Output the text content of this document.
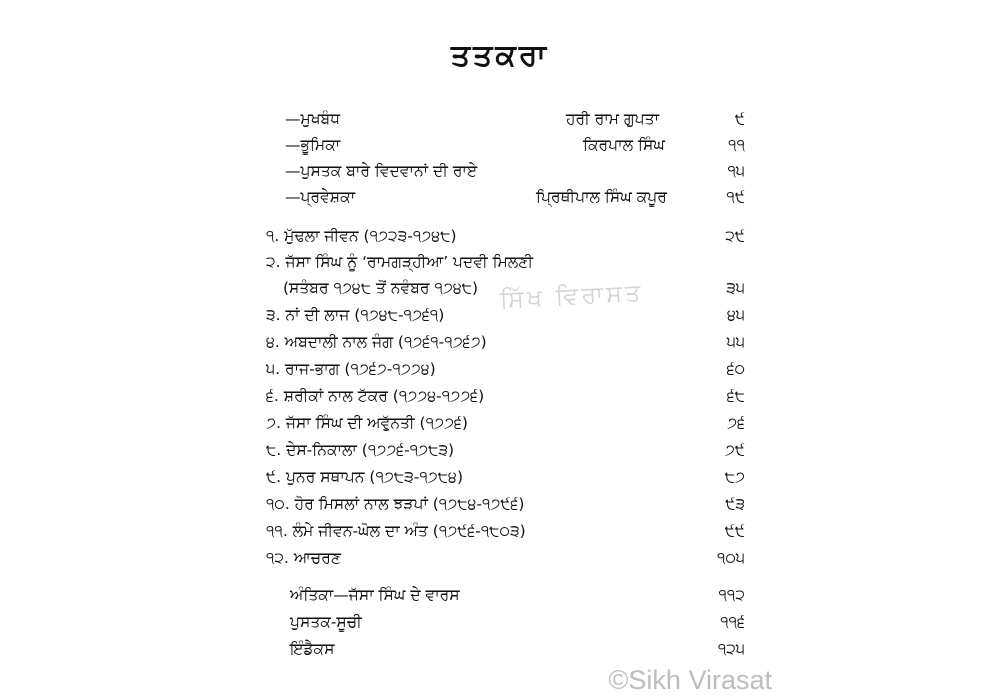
ਤਤਕਰਾ
—ਮੁਖਬੰਧ	ਹਰੀ ਰਾਮ ਗੁਪਤਾ	੯
—ਭੂਮਿਕਾ	ਕਿਰਪਾਲ ਸਿੰਘ	੧੧
—ਪੁਸਤਕ ਬਾਰੇ ਵਿਦਵਾਨਾਂ ਦੀ ਰਾਏ	੧੫
—ਪ੍ਰਵੇਸ਼ਕਾ	ਪ੍ਰਿਥੀਪਾਲ ਸਿੰਘ ਕਪੂਰ	੧੯
੧. ਮੁੱਢਲਾ ਜੀਵਨ (੧੭੨੩-੧੭੪੮)	੨੯
੨. ਜੱਸਾ ਸਿੰਘ ਨੂੰ ‘ਰਾਮਗੜ੍ਹੀਆ’ ਪਦਵੀ ਮਿਲਣੀ
(ਸਤੰਬਰ ੧੭੪੮ ਤੋਂ ਨਵੰਬਰ ੧੭੪੮)	੩੫
੩. ਨਾਂ ਦੀ ਲਾਜ (੧੭੪੮-੧੭੬੧)	੪੫
੪. ਅਬਦਾਲੀ ਨਾਲ ਜੰਗ (੧੭੬੧-੧੭੬੭)	੫੫
੫. ਰਾਜ-ਭਾਗ (੧੭੬੭-੧੭੭੪)	੬੦
੬. ਸ਼ਰੀਕਾਂ ਨਾਲ ਟੱਕਰ (੧੭੭੪-੧੭੭੬)	੬੮
੭. ਜੱਸਾ ਸਿੰਘ ਦੀ ਅਵੁੱਨਤੀ (੧੭੭੬)	੭੬
੮. ਦੇਸ-ਨਿਕਾਲਾ (੧੭੭੬-੧੭੮੩)	੭੯
੯. ਪੁਨਰ ਸਥਾਪਨ (੧੭੮੩-੧੭੮੪)	੮੭
੧੦. ਹੋਰ ਮਿਸਲਾਂ ਨਾਲ ਝੜਪਾਂ (੧੭੮੪-੧੭੯੬)	੯੩
੧੧. ਲੰਮੇ ਜੀਵਨ-ਘੋਲ ਦਾ ਅੰਤ (੧੭੯੬-੧੮੦੩)	੯੯
੧੨. ਆਚਰਣ	੧੦੫
ਅੰਤਿਕਾ—ਜੱਸਾ ਸਿੰਘ ਦੇ ਵਾਰਸ	੧੧੨
ਪੁਸਤਕ-ਸੂਚੀ	੧੧੬
ਇੰਡੈਕਸ	੧੨੫
ਸਿੱਖ ਵਿਰਾਸਤ
©Sikh Virasat
